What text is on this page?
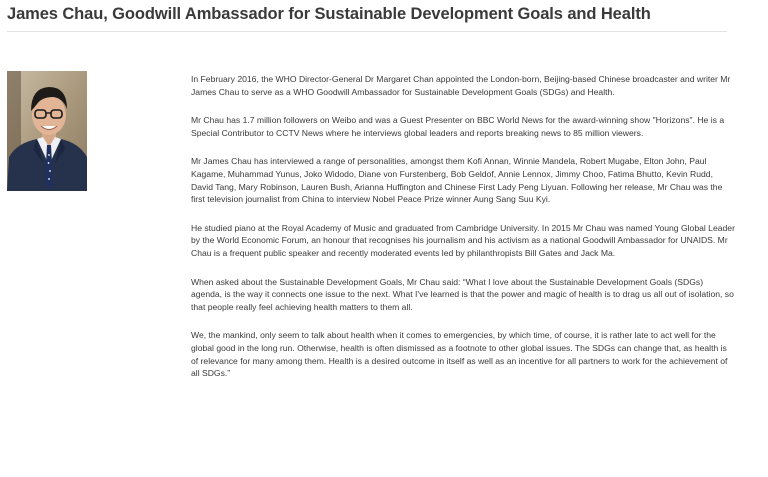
James Chau, Goodwill Ambassador for Sustainable Development Goals and Health

In February 2016, the WHO Director-General Dr Margaret Chan appointed the London-born, Beijing-based Chinese broadcaster and writer Mr James Chau to serve as a WHO Goodwill Ambassador for Sustainable Development Goals (SDGs) and Health.

Mr Chau has 1.7 million followers on Weibo and was a Guest Presenter on BBC World News for the award-winning show "Horizons". He is a Special Contributor to CCTV News where he interviews global leaders and reports breaking news to 85 million viewers.

Mr James Chau has interviewed a range of personalities, amongst them Kofi Annan, Winnie Mandela, Robert Mugabe, Elton John, Paul Kagame, Muhammad Yunus, Joko Widodo, Diane von Furstenberg, Bob Geldof, Annie Lennox, Jimmy Choo, Fatima Bhutto, Kevin Rudd, David Tang, Mary Robinson, Lauren Bush, Arianna Huffington and Chinese First Lady Peng Liyuan. Following her release, Mr Chau was the first television journalist from China to interview Nobel Peace Prize winner Aung Sang Suu Kyi.

He studied piano at the Royal Academy of Music and graduated from Cambridge University. In 2015 Mr Chau was named Young Global Leader by the World Economic Forum, an honour that recognises his journalism and his activism as a national Goodwill Ambassador for UNAIDS. Mr Chau is a frequent public speaker and recently moderated events led by philanthropists Bill Gates and Jack Ma.

When asked about the Sustainable Development Goals, Mr Chau said: “What I love about the Sustainable Development Goals (SDGs) agenda, is the way it connects one issue to the next. What I've learned is that the power and magic of health is to drag us all out of isolation, so that people really feel achieving health matters to them all.

We, the mankind, only seem to talk about health when it comes to emergencies, by which time, of course, it is rather late to act well for the global good in the long run. Otherwise, health is often dismissed as a footnote to other global issues. The SDGs can change that, as health is of relevance for many among them. Health is a desired outcome in itself as well as an incentive for all partners to work for the achievement of all SDGs.”
